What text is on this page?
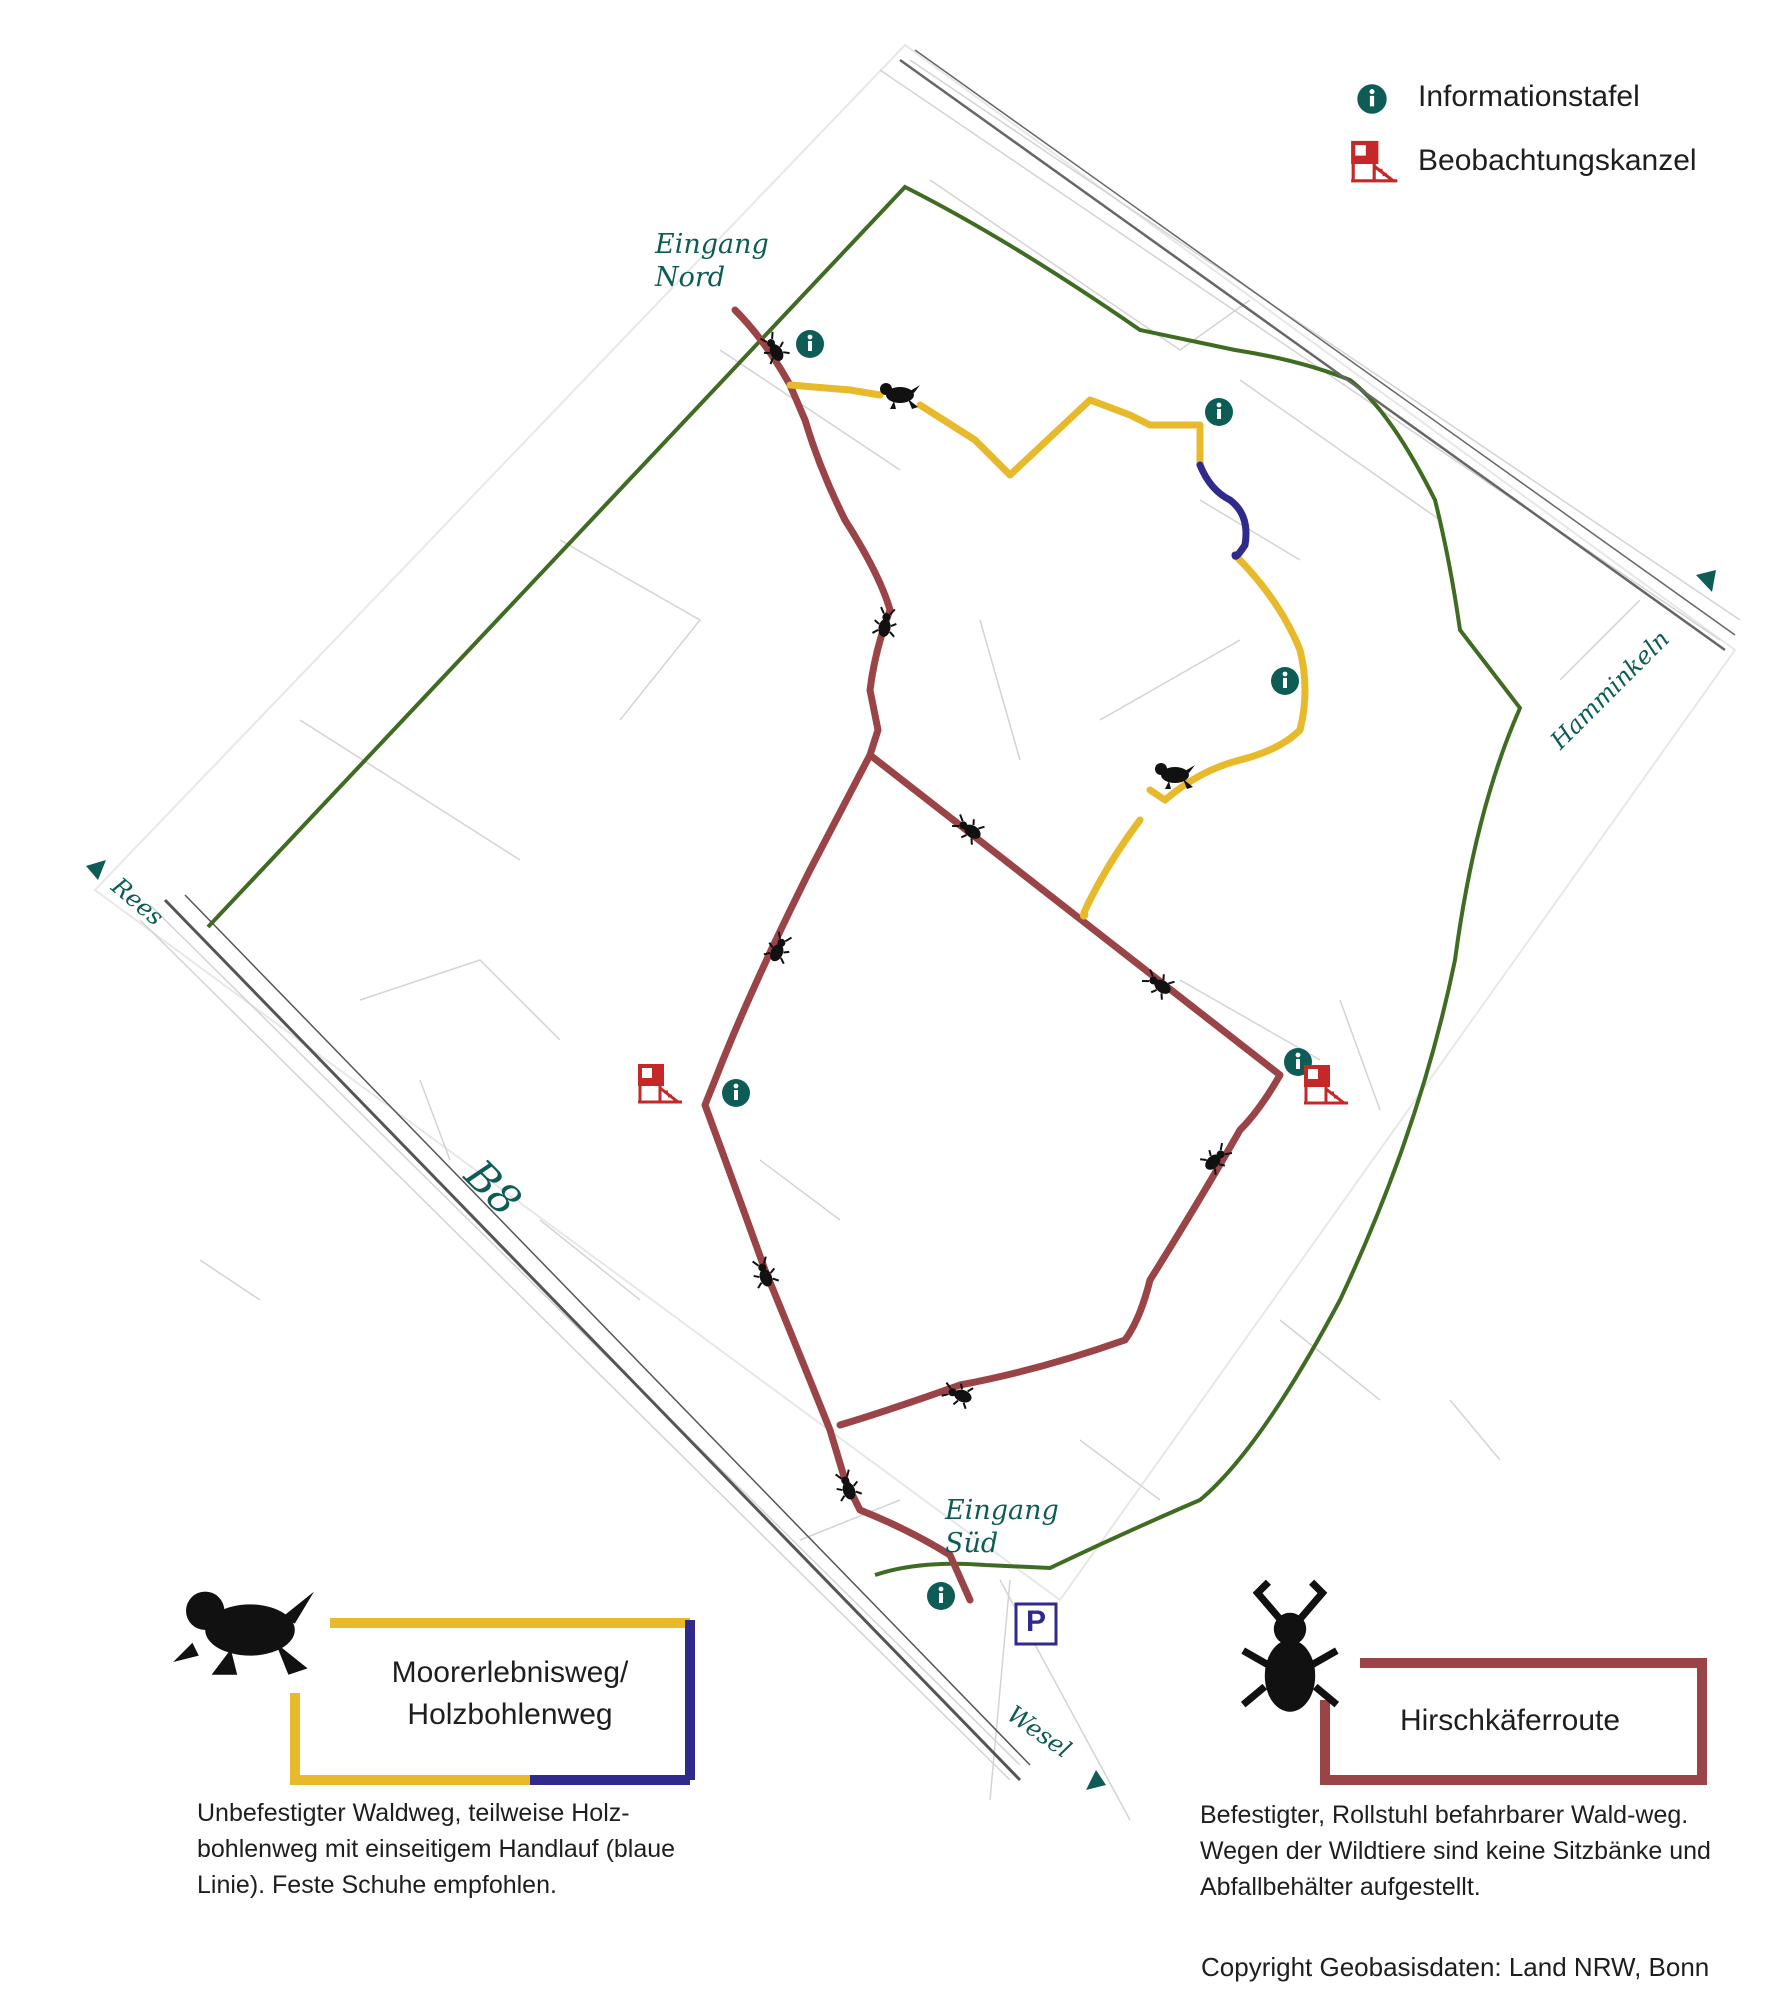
Informationstafel
Beobachtungskanzel
Eingang
Nord
Eingang
Süd
B8
Rees
Hamminkeln
Wesel
P
Moorerlebnisweg/
Holzbohlenweg	Hirschkäferroute
Unbefestigter Waldweg, teilweise Holz-bohlenweg mit einseitigem Handlauf (blaue Linie). Feste Schuhe empfohlen.
Befestigter, Rollstuhl befahrbarer Wald-weg. Wegen der Wildtiere sind keine Sitzbänke und Abfallbehälter aufgestellt.
Copyright Geobasisdaten: Land NRW, Bonn
